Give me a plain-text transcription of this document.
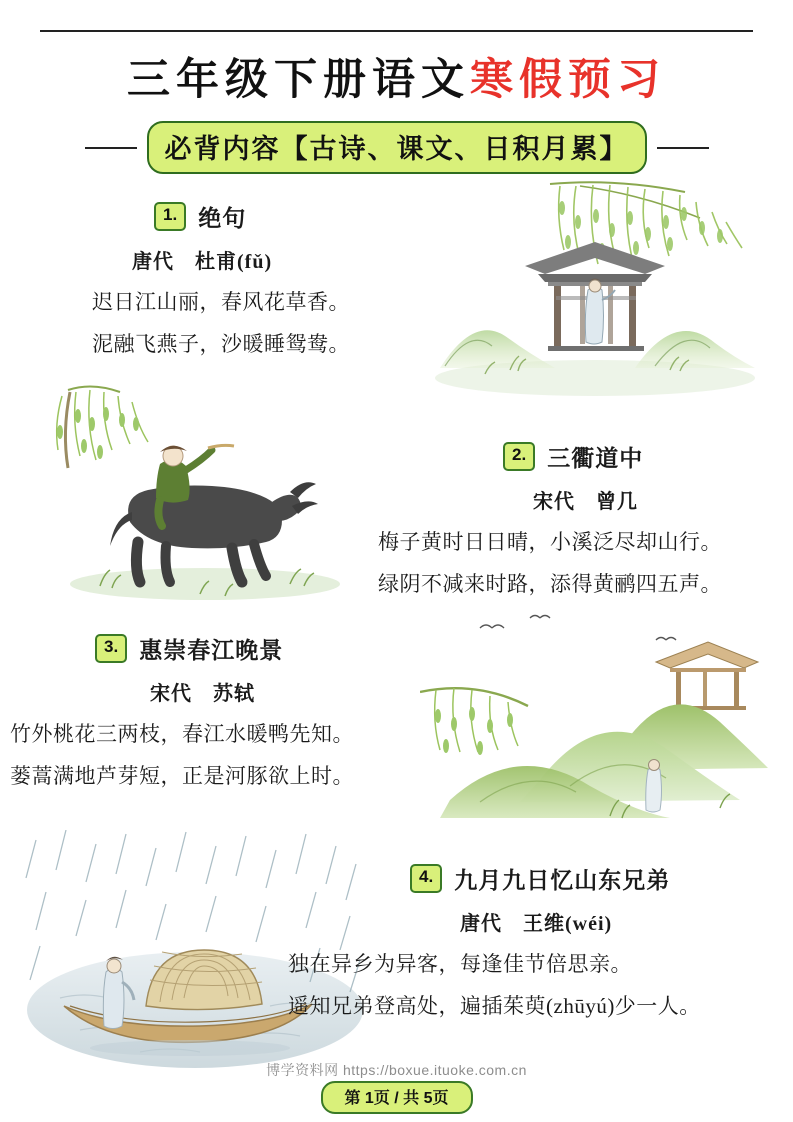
三年级下册语文 寒假预习
必背内容【古诗、课文、日积月累】
1. 绝句
唐代　杜甫(fǔ)
迟日江山丽，春风花草香。
泥融飞燕子，沙暖睡鸳鸯。
2. 三衢道中
宋代　曾几
梅子黄时日日晴，小溪泛尽却山行。
绿阴不减来时路，添得黄鹂四五声。
3. 惠崇春江晚景
宋代　苏轼
竹外桃花三两枝，春江水暖鸭先知。
蒌蒿满地芦芽短，正是河豚欲上时。
4. 九月九日忆山东兄弟
唐代　王维(wéi)
独在异乡为异客，每逢佳节倍思亲。
遥知兄弟登高处，遍插茱萸(zhūyú)少一人。
博学资料网 https://boxue.ituoke.com.cn
第 1页 / 共 5页
